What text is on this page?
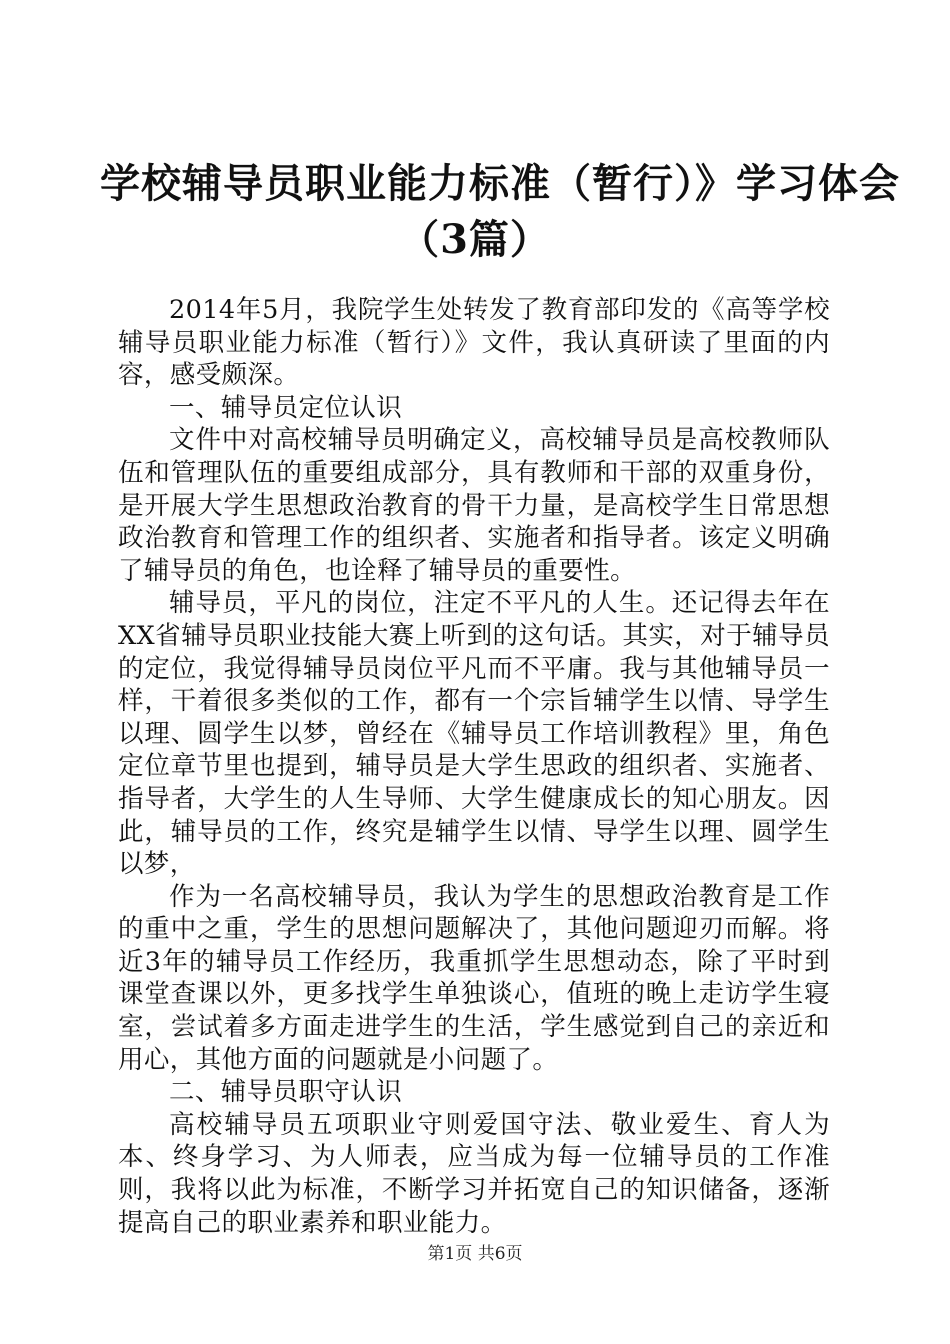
学校辅导员职业能力标准（暂行）》学习体会
（3篇）

2014年5月，我院学生处转发了教育部印发的《高等学校辅导员职业能力标准（暂行）》文件，我认真研读了里面的内容，感受颇深。

一、辅导员定位认识

文件中对高校辅导员明确定义，高校辅导员是高校教师队伍和管理队伍的重要组成部分，具有教师和干部的双重身份，是开展大学生思想政治教育的骨干力量，是高校学生日常思想政治教育和管理工作的组织者、实施者和指导者。该定义明确了辅导员的角色，也诠释了辅导员的重要性。

辅导员，平凡的岗位，注定不平凡的人生。还记得去年在XX省辅导员职业技能大赛上听到的这句话。其实，对于辅导员的定位，我觉得辅导员岗位平凡而不平庸。我与其他辅导员一样，干着很多类似的工作，都有一个宗旨辅学生以情、导学生以理、圆学生以梦，曾经在《辅导员工作培训教程》里，角色定位章节里也提到，辅导员是大学生思政的组织者、实施者、指导者，大学生的人生导师、大学生健康成长的知心朋友。因此，辅导员的工作，终究是辅学生以情、导学生以理、圆学生以梦，

作为一名高校辅导员，我认为学生的思想政治教育是工作的重中之重，学生的思想问题解决了，其他问题迎刃而解。将近3年的辅导员工作经历，我重抓学生思想动态，除了平时到课堂查课以外，更多找学生单独谈心，值班的晚上走访学生寝室，尝试着多方面走进学生的生活，学生感觉到自己的亲近和用心，其他方面的问题就是小问题了。

二、辅导员职守认识

高校辅导员五项职业守则爱国守法、敬业爱生、育人为本、终身学习、为人师表，应当成为每一位辅导员的工作准则，我将以此为标准，不断学习并拓宽自己的知识储备，逐渐提高自己的职业素养和职业能力。

第1页 共6页
